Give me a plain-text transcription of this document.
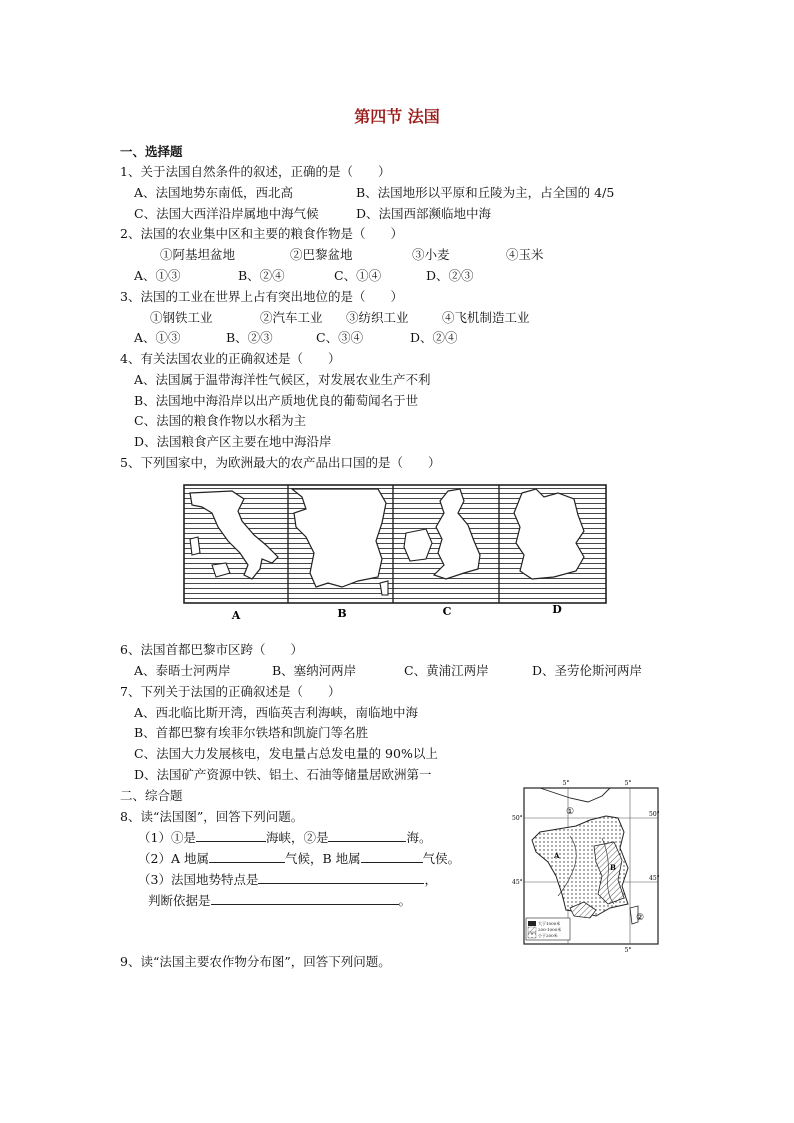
第四节 法国
一、选择题
1、关于法国自然条件的叙述，正确的是（　　）
A、法国地势东南低，西北高	B、法国地形以平原和丘陵为主，占全国的 4/5
C、法国大西洋沿岸属地中海气候	D、法国西部濒临地中海
2、法国的农业集中区和主要的粮食作物是（　　）
①阿基坦盆地	②巴黎盆地	③小麦	④玉米
A、①③	B、②④	C、①④	D、②③
3、法国的工业在世界上占有突出地位的是（　　）
①钢铁工业	②汽车工业 ③纺织工业	④飞机制造工业
A、①③	B、②③	C、③④	D、②④
4、有关法国农业的正确叙述是（　　）
A、法国属于温带海洋性气候区，对发展农业生产不利
B、法国地中海沿岸以出产质地优良的葡萄闻名于世
C、法国的粮食作物以水稻为主
D、法国粮食产区主要在地中海沿岸
5、下列国家中，为欧洲最大的农产品出口国的是（　　）
A	B	C	D
6、法国首都巴黎市区跨（　　）
A、泰晤士河两岸	B、塞纳河两岸	C、黄浦江两岸	D、圣劳伦斯河两岸
7、下列关于法国的正确叙述是（　　）
A、西北临比斯开湾，西临英吉利海峡，南临地中海
B、首都巴黎有埃菲尔铁塔和凯旋门等名胜
C、法国大力发展核电，发电量占总发电量的 90%以上
D、法国矿产资源中铁、铝土、石油等储量居欧洲第一
二、综合题
8、读“法国图”，回答下列问题。
（1）①是	海峡，②是	海。
（2）A 地属	气候，B 地属	气侯。
（3）法国地势特点是	，
判断依据是	。
5°	5°
5°
50°
50°
45°
45°
①
②
A
B
大于1000米
200-1000米
小于200米
9、读“法国主要农作物分布图”，回答下列问题。
